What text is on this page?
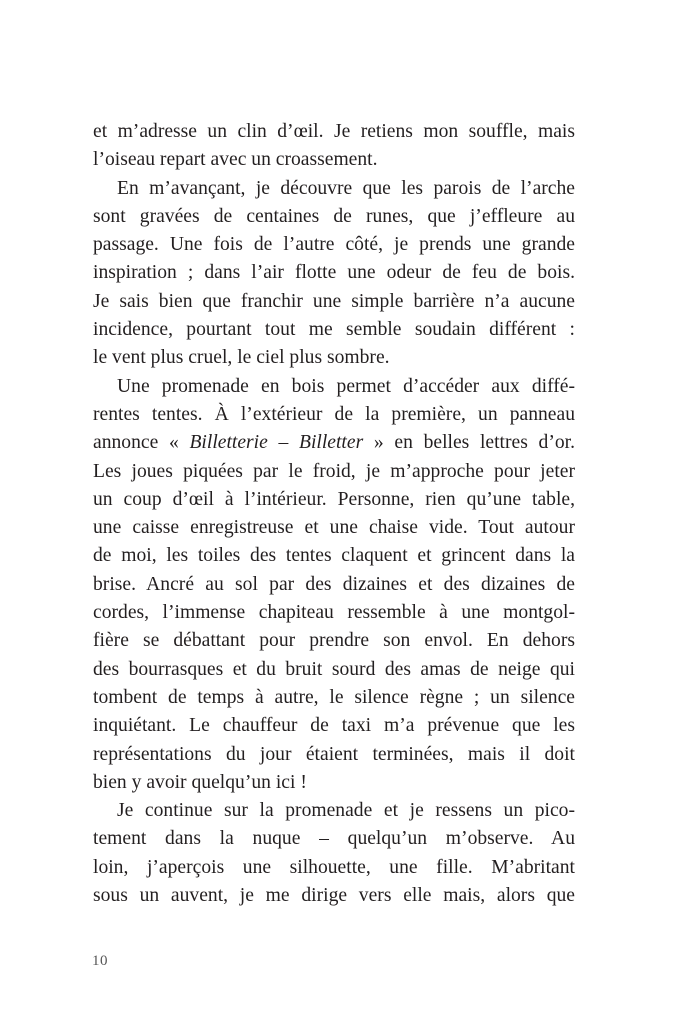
et m’adresse un clin d’œil. Je retiens mon souffle, mais
l’oiseau repart avec un croassement.
En m’avançant, je découvre que les parois de l’arche
sont gravées de centaines de runes, que j’effleure au
passage. Une fois de l’autre côté, je prends une grande
inspiration ; dans l’air flotte une odeur de feu de bois.
Je sais bien que franchir une simple barrière n’a aucune
incidence, pourtant tout me semble soudain différent :
le vent plus cruel, le ciel plus sombre.
Une promenade en bois permet d’accéder aux diffé-
rentes tentes. À l’extérieur de la première, un panneau
annonce « Billetterie – Billetter » en belles lettres d’or.
Les joues piquées par le froid, je m’approche pour jeter
un coup d’œil à l’intérieur. Personne, rien qu’une table,
une caisse enregistreuse et une chaise vide. Tout autour
de moi, les toiles des tentes claquent et grincent dans la
brise. Ancré au sol par des dizaines et des dizaines de
cordes, l’immense chapiteau ressemble à une montgol-
fière se débattant pour prendre son envol. En dehors
des bourrasques et du bruit sourd des amas de neige qui
tombent de temps à autre, le silence règne ; un silence
inquiétant. Le chauffeur de taxi m’a prévenue que les
représentations du jour étaient terminées, mais il doit
bien y avoir quelqu’un ici !
Je continue sur la promenade et je ressens un pico-
tement dans la nuque – quelqu’un m’observe. Au
loin, j’aperçois une silhouette, une fille. M’abritant
sous un auvent, je me dirige vers elle mais, alors que
10
